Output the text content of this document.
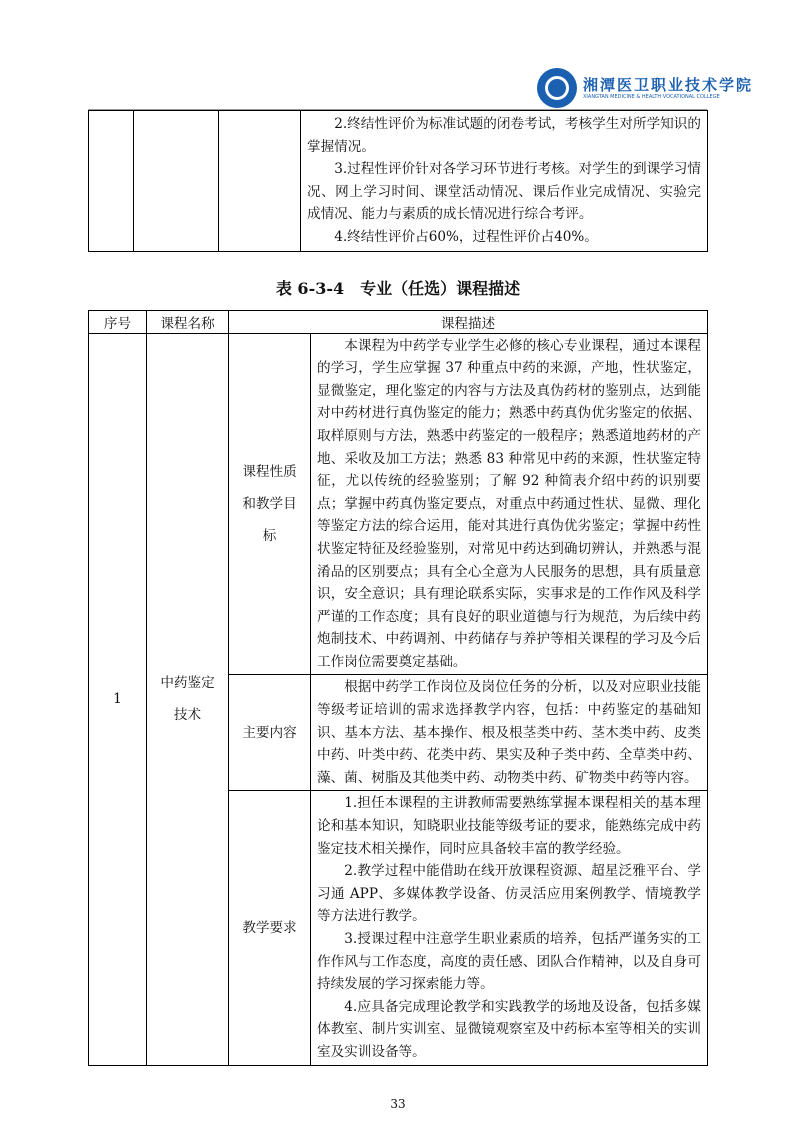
湘潭医卫职业技术学院
XIANGTAN MEDICINE & HEALTH VOCATIONAL COLLEGE

2.终结性评价为标准试题的闭卷考试，考核学生对所学知识的掌握情况。

3.过程性评价针对各学习环节进行考核。对学生的到课学习情况、网上学习时间、课堂活动情况、课后作业完成情况、实验完成情况、能力与素质的成长情况进行综合考评。

4.终结性评价占60%，过程性评价占40%。

表 6-3-4　专业（任选）课程描述
序号	课程名称	课程描述	
1	中药鉴定技术	课程性质和教学目标	本课程为中药学专业学生必修的核心专业课程，通过本课程的学习，学生应掌握 37 种重点中药的来源，产地，性状鉴定，显微鉴定，理化鉴定的内容与方法及真伪药材的鉴别点，达到能对中药材进行真伪鉴定的能力；熟悉中药真伪优劣鉴定的依据、取样原则与方法，熟悉中药鉴定的一般程序；熟悉道地药材的产地、采收及加工方法；熟悉 83 种常见中药的来源，性状鉴定特征，尤以传统的经验鉴别；了解 92 种简表介绍中药的识别要点；掌握中药真伪鉴定要点，对重点中药通过性状、显微、理化等鉴定方法的综合运用，能对其进行真伪优劣鉴定；掌握中药性状鉴定特征及经验鉴别，对常见中药达到确切辨认，并熟悉与混淆品的区别要点；具有全心全意为人民服务的思想，具有质量意识，安全意识；具有理论联系实际，实事求是的工作作风及科学严谨的工作态度；具有良好的职业道德与行为规范，为后续中药炮制技术、中药调剂、中药储存与养护等相关课程的学习及今后工作岗位需要奠定基础。

		主要内容	根据中药学工作岗位及岗位任务的分析，以及对应职业技能等级考证培训的需求选择教学内容，包括：中药鉴定的基础知识、基本方法、基本操作、根及根茎类中药、茎木类中药、皮类中药、叶类中药、花类中药、果实及种子类中药、全草类中药、藻、菌、树脂及其他类中药、动物类中药、矿物类中药等内容。

		教学要求	1.担任本课程的主讲教师需要熟练掌握本课程相关的基本理论和基本知识，知晓职业技能等级考证的要求，能熟练完成中药鉴定技术相关操作，同时应具备较丰富的教学经验。

2.教学过程中能借助在线开放课程资源、超星泛雅平台、学习通 APP、多媒体教学设备、仿灵活应用案例教学、情境教学等方法进行教学。

3.授课过程中注意学生职业素质的培养，包括严谨务实的工作作风与工作态度，高度的责任感、团队合作精神，以及自身可持续发展的学习探索能力等。

4.应具备完成理论教学和实践教学的场地及设备，包括多媒体教室、制片实训室、显微镜观察室及中药标本室等相关的实训室及实训设备等。

33
